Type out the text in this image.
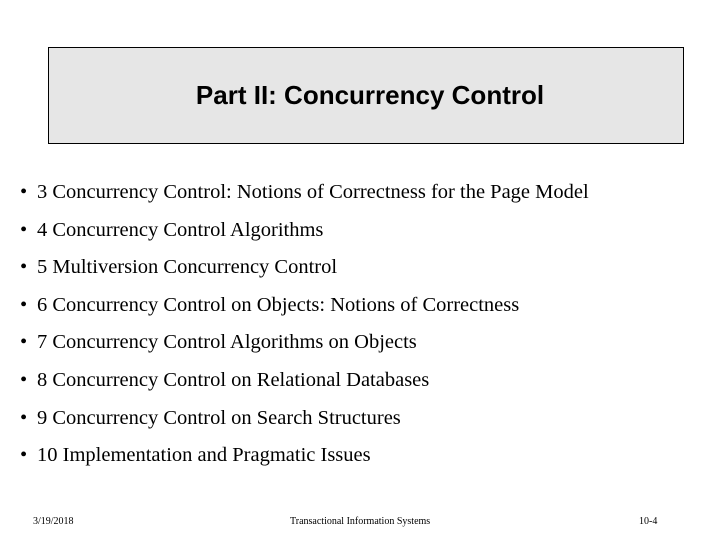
Part II: Concurrency Control
• 3 Concurrency Control: Notions of Correctness for the Page Model
• 4 Concurrency Control Algorithms
• 5 Multiversion Concurrency Control
• 6 Concurrency Control on Objects: Notions of Correctness
• 7 Concurrency Control Algorithms on Objects
• 8 Concurrency Control on Relational Databases
• 9 Concurrency Control on Search Structures
• 10 Implementation and Pragmatic Issues
3/19/2018	Transactional Information Systems	10-4
